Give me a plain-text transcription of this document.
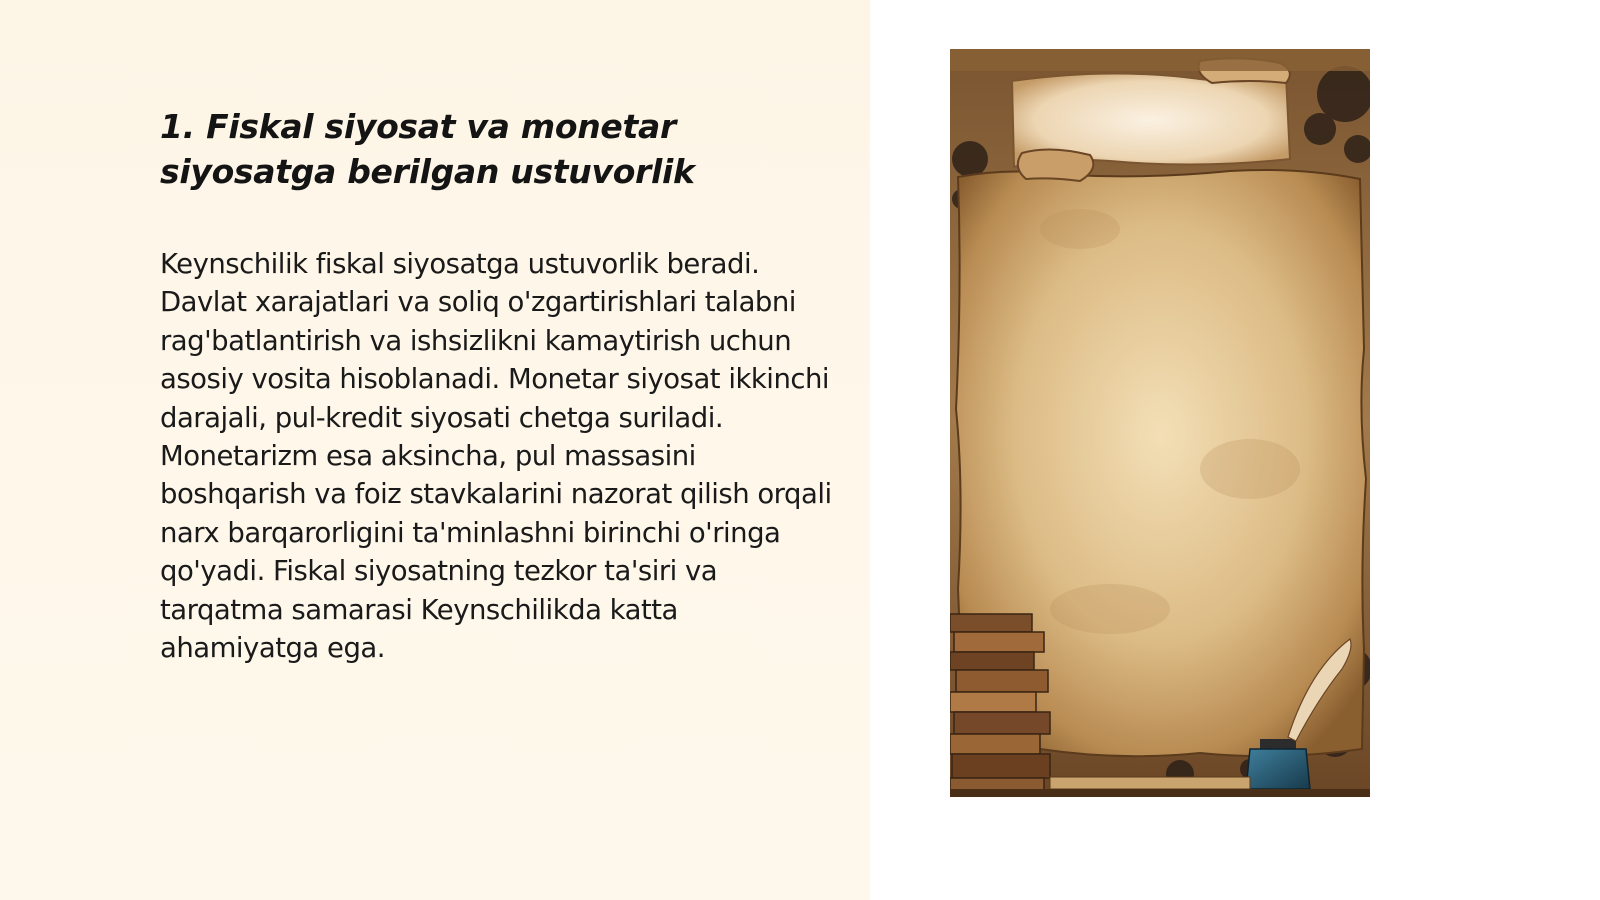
1. Fiskal siyosat va monetar siyosatga berilgan ustuvorlik

Keynschilik fiskal siyosatga ustuvorlik beradi. Davlat xarajatlari va soliq o'zgartirishlari talabni rag'batlantirish va ishsizlikni kamaytirish uchun asosiy vosita hisoblanadi. Monetar siyosat ikkinchi darajali, pul-kredit siyosati chetga suriladi. Monetarizm esa aksincha, pul massasini boshqarish va foiz stavkalarini nazorat qilish orqali narx barqarorligini ta'minlashni birinchi o'ringa qo'yadi. Fiskal siyosatning tezkor ta'siri va tarqatma samarasi Keynschilikda katta ahamiyatga ega.
